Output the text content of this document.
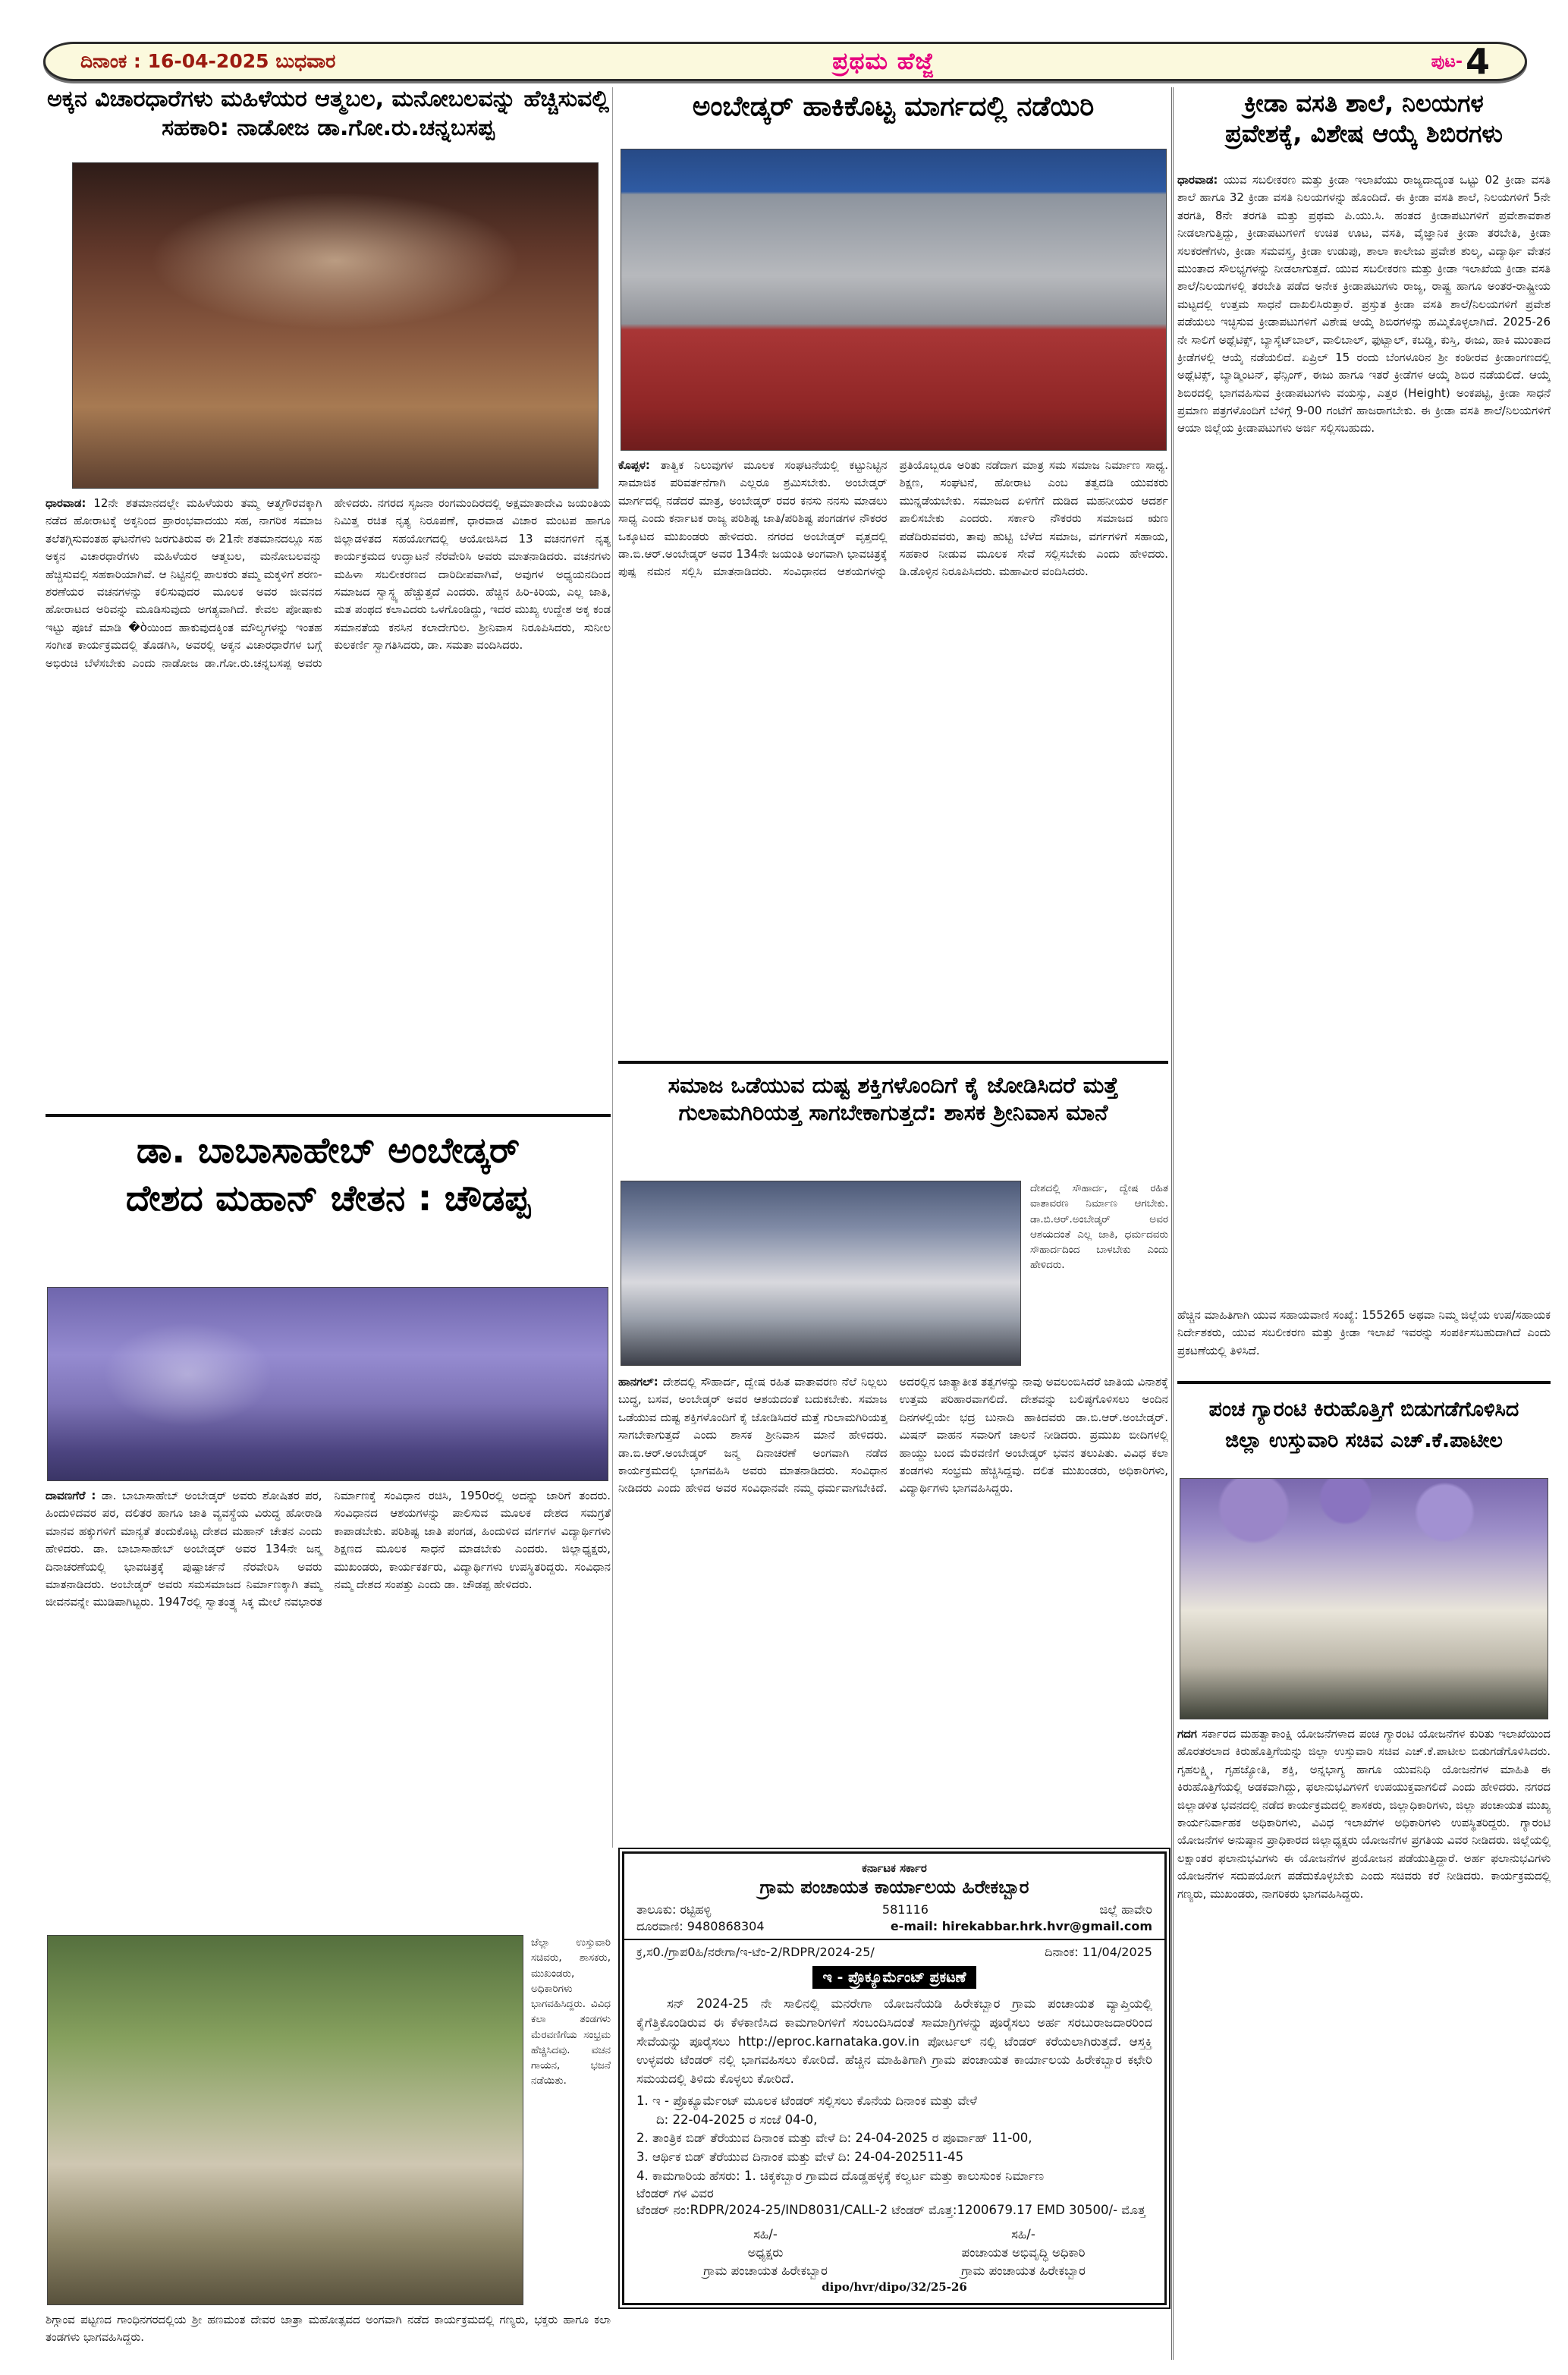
ದಿನಾಂಕ : 16-04-2025 ಬುಧವಾರ	ಪ್ರಥಮ ಹೆಜ್ಜೆ	ಪುಟ- 4
ಅಕ್ಕನ ವಿಚಾರಧಾರೆಗಳು ಮಹಿಳೆಯರ ಆತ್ಮಬಲ, ಮನೋಬಲವನ್ನು ಹೆಚ್ಚಿಸುವಲ್ಲಿ ಸಹಕಾರಿ: ನಾಡೋಜ ಡಾ.ಗೋ.ರು.ಚನ್ನಬಸಪ್ಪ
ಧಾರವಾಡ: 12ನೇ ಶತಮಾನದಲ್ಲೇ ಮಹಿಳೆಯರು ತಮ್ಮ ಆತ್ಮಗೌರವಕ್ಕಾಗಿ ನಡೆದ ಹೋರಾಟಕ್ಕೆ ಅಕ್ಕನಿಂದ ಪ್ರಾರಂಭವಾದಯು ಸಹ, ನಾಗರಿಕ ಸಮಾಜ ತಲೆತಗ್ಗಿಸುವಂತಹ ಘಟನೆಗಳು ಜರಗುತಿರುವ ಈ 21ನೇ ಶತಮಾನದಲ್ಲೂ ಸಹ ಅಕ್ಕನ ವಿಚಾರಧಾರೆಗಳು ಮಹಿಳೆಯರ ಆತ್ಮಬಲ, ಮನೋಬಲವನ್ನು ಹೆಚ್ಚಿಸುವಲ್ಲಿ ಸಹಕಾರಿಯಾಗಿವೆ. ಆ ನಿಟ್ಟಿನಲ್ಲಿ ಪಾಲಕರು ತಮ್ಮ ಮಕ್ಕಳಿಗೆ ಶರಣ-ಶರಣೆಯರ ವಚನಗಳನ್ನು ಕಲಿಸುವುದರ ಮೂಲಕ ಅವರ ಜೀವನದ ಹೋರಾಟದ ಅರಿವನ್ನು ಮೂಡಿಸುವುದು ಅಗತ್ಯವಾಗಿದೆ. ಕೇವಲ ಪೋಷಾಕು ಇಟ್ಟು ಪೂಜೆ ಮಾಡಿ �òಯಿಂದ ಹಾಕುವುದಕ್ಕಿಂತ ಮೌಲ್ಯಗಳನ್ನು ಇಂತಹ ಸಂಗೀತ ಕಾರ್ಯಕ್ರಮದಲ್ಲಿ ತೊಡಗಿಸಿ, ಅವರಲ್ಲಿ ಅಕ್ಕನ ವಿಚಾರಧಾರೆಗಳ ಬಗ್ಗೆ ಅಭಿರುಚಿ ಬೆಳೆಸಬೇಕು ಎಂದು ನಾಡೋಜ ಡಾ.ಗೋ.ರು.ಚನ್ನಬಸಪ್ಪ ಅವರು ಹೇಳಿದರು. ನಗರದ ಸೃಜನಾ ರಂಗಮಂದಿರದಲ್ಲಿ ಅಕ್ಷಮಾತಾದೇವಿ ಜಯಂತಿಯ ನಿಮಿತ್ತ ರಚಿತ ನೃತ್ಯ ನಿರೂಪಣೆ, ಧಾರವಾಡ ವಿಚಾರ ಮಂಟಪ ಹಾಗೂ ಜಿಲ್ಲಾಡಳಿತದ ಸಹಯೋಗದಲ್ಲಿ ಆಯೋಜಿಸಿದ 13 ವಚನಗಳಿಗೆ ನೃತ್ಯ ಕಾರ್ಯಕ್ರಮದ ಉದ್ಘಾಟನೆ ನೆರವೇರಿಸಿ ಅವರು ಮಾತನಾಡಿದರು. ವಚನಗಳು ಮಹಿಳಾ ಸಬಲೀಕರಣದ ದಾರಿದೀಪವಾಗಿವೆ, ಅವುಗಳ ಅಧ್ಯಯನದಿಂದ ಸಮಾಜದ ಸ್ವಾಸ್ಥ್ಯ ಹೆಚ್ಚುತ್ತದೆ ಎಂದರು. ಹೆಚ್ಚಿನ ಹಿರಿ-ಕಿರಿಯ, ಎಲ್ಲ ಜಾತಿ, ಮತ ಪಂಥದ ಕಲಾವಿದರು ಒಳಗೊಂಡಿದ್ದು, ಇದರ ಮುಖ್ಯ ಉದ್ದೇಶ ಅಕ್ಕ ಕಂಡ ಸಮಾನತೆಯ ಕನಸಿನ ಕಲಾದೇಗುಲ. ಶ್ರೀನಿವಾಸ ನಿರೂಪಿಸಿದರು, ಸುನೀಲ ಕುಲಕರ್ಣಿ ಸ್ವಾಗತಿಸಿದರು, ಡಾ. ಸಮತಾ ವಂದಿಸಿದರು.
ಡಾ. ಬಾಬಾಸಾಹೇಬ್ ಅಂಬೇಡ್ಕರ್
ದೇಶದ ಮಹಾನ್ ಚೇತನ : ಚೌಡಪ್ಪ
ದಾವಣಗೆರೆ : ಡಾ. ಬಾಬಾಸಾಹೇಬ್ ಅಂಬೇಡ್ಕರ್ ಅವರು ಶೋಷಿತರ ಪರ, ಹಿಂದುಳಿದವರ ಪರ, ದಲಿತರ ಹಾಗೂ ಜಾತಿ ವ್ಯವಸ್ಥೆಯ ವಿರುದ್ಧ ಹೋರಾಡಿ ಮಾನವ ಹಕ್ಕುಗಳಿಗೆ ಮಾನ್ಯತೆ ತಂದುಕೊಟ್ಟ ದೇಶದ ಮಹಾನ್ ಚೇತನ ಎಂದು ಹೇಳಿದರು. ಡಾ. ಬಾಬಾಸಾಹೇಬ್ ಅಂಬೇಡ್ಕರ್ ಅವರ 134ನೇ ಜನ್ಮ ದಿನಾಚರಣೆಯಲ್ಲಿ ಭಾವಚಿತ್ರಕ್ಕೆ ಪುಷ್ಪಾರ್ಚನೆ ನೆರವೇರಿಸಿ ಅವರು ಮಾತನಾಡಿದರು. ಅಂಬೇಡ್ಕರ್ ಅವರು ಸಮಸಮಾಜದ ನಿರ್ಮಾಣಕ್ಕಾಗಿ ತಮ್ಮ ಜೀವನವನ್ನೇ ಮುಡಿಪಾಗಿಟ್ಟರು. 1947ರಲ್ಲಿ ಸ್ವಾತಂತ್ರ್ಯ ಸಿಕ್ಕ ಮೇಲೆ ನವಭಾರತ ನಿರ್ಮಾಣಕ್ಕೆ ಸಂವಿಧಾನ ರಚಿಸಿ, 1950ರಲ್ಲಿ ಅದನ್ನು ಜಾರಿಗೆ ತಂದರು. ಸಂವಿಧಾನದ ಆಶಯಗಳನ್ನು ಪಾಲಿಸುವ ಮೂಲಕ ದೇಶದ ಸಮಗ್ರತೆ ಕಾಪಾಡಬೇಕು. ಪರಿಶಿಷ್ಟ ಜಾತಿ ಪಂಗಡ, ಹಿಂದುಳಿದ ವರ್ಗಗಳ ವಿದ್ಯಾರ್ಥಿಗಳು ಶಿಕ್ಷಣದ ಮೂಲಕ ಸಾಧನೆ ಮಾಡಬೇಕು ಎಂದರು. ಜಿಲ್ಲಾಧ್ಯಕ್ಷರು, ಮುಖಂಡರು, ಕಾರ್ಯಕರ್ತರು, ವಿದ್ಯಾರ್ಥಿಗಳು ಉಪಸ್ಥಿತರಿದ್ದರು. ಸಂವಿಧಾನ ನಮ್ಮ ದೇಶದ ಸಂಪತ್ತು ಎಂದು ಡಾ. ಚೌಡಪ್ಪ ಹೇಳಿದರು.
ಜೆಲ್ಲಾ ಉಸ್ತುವಾರಿ ಸಚಿವರು, ಶಾಸಕರು, ಮುಖಂಡರು, ಅಧಿಕಾರಿಗಳು ಭಾಗವಹಿಸಿದ್ದರು. ವಿವಿಧ ಕಲಾ ತಂಡಗಳು ಮೆರವಣಿಗೆಯ ಸಂಭ್ರಮ ಹೆಚ್ಚಿಸಿದವು. ವಚನ ಗಾಯನ, ಭಜನೆ ನಡೆಯಿತು.
ಶಿಗ್ಗಾಂವ ಪಟ್ಟಣದ ಗಾಂಧಿನಗರದಲ್ಲಿಯ ಶ್ರೀ ಹಣಮಂತ ದೇವರ ಜಾತ್ರಾ ಮಹೋತ್ಸವದ ಅಂಗವಾಗಿ ನಡೆದ ಕಾರ್ಯಕ್ರಮದಲ್ಲಿ ಗಣ್ಯರು, ಭಕ್ತರು ಹಾಗೂ ಕಲಾ ತಂಡಗಳು ಭಾಗವಹಿಸಿದ್ದರು.
ಅಂಬೇಡ್ಕರ್ ಹಾಕಿಕೊಟ್ಟ ಮಾರ್ಗದಲ್ಲಿ ನಡೆಯಿರಿ
ಕೊಪ್ಪಳ: ತಾತ್ವಿಕ ನಿಲುವುಗಳ ಮೂಲಕ ಸಂಘಟನೆಯಲ್ಲಿ ಕಟ್ಟುನಿಟ್ಟಿನ ಸಾಮಾಜಿಕ ಪರಿವರ್ತನೆಗಾಗಿ ಎಲ್ಲರೂ ಶ್ರಮಿಸಬೇಕು. ಅಂಬೇಡ್ಕರ್ ಮಾರ್ಗದಲ್ಲಿ ನಡೆದರೆ ಮಾತ್ರ, ಅಂಬೇಡ್ಕರ್ ರವರ ಕನಸು ನನಸು ಮಾಡಲು ಸಾಧ್ಯ ಎಂದು ಕರ್ನಾಟಕ ರಾಜ್ಯ ಪರಿಶಿಷ್ಟ ಜಾತಿ/ಪರಿಶಿಷ್ಟ ಪಂಗಡಗಳ ನೌಕರರ ಒಕ್ಕೂಟದ ಮುಖಂಡರು ಹೇಳಿದರು. ನಗರದ ಅಂಬೇಡ್ಕರ್ ವೃತ್ತದಲ್ಲಿ ಡಾ.ಬಿ.ಆರ್.ಅಂಬೇಡ್ಕರ್ ಅವರ 134ನೇ ಜಯಂತಿ ಅಂಗವಾಗಿ ಭಾವಚಿತ್ರಕ್ಕೆ ಪುಷ್ಪ ನಮನ ಸಲ್ಲಿಸಿ ಮಾತನಾಡಿದರು. ಸಂವಿಧಾನದ ಆಶಯಗಳನ್ನು ಪ್ರತಿಯೊಬ್ಬರೂ ಅರಿತು ನಡೆದಾಗ ಮಾತ್ರ ಸಮ ಸಮಾಜ ನಿರ್ಮಾಣ ಸಾಧ್ಯ. ಶಿಕ್ಷಣ, ಸಂಘಟನೆ, ಹೋರಾಟ ಎಂಬ ತತ್ವದಡಿ ಯುವಕರು ಮುನ್ನಡೆಯಬೇಕು. ಸಮಾಜದ ಏಳಿಗೆಗೆ ದುಡಿದ ಮಹನೀಯರ ಆದರ್ಶ ಪಾಲಿಸಬೇಕು ಎಂದರು. ಸರ್ಕಾರಿ ನೌಕರರು ಸಮಾಜದ ಋಣ ಪಡೆದಿರುವವರು, ತಾವು ಹುಟ್ಟಿ ಬೆಳೆದ ಸಮಾಜ, ವರ್ಗಗಳಿಗೆ ಸಹಾಯ, ಸಹಕಾರ ನೀಡುವ ಮೂಲಕ ಸೇವೆ ಸಲ್ಲಿಸಬೇಕು ಎಂದು ಹೇಳಿದರು. ಡಿ.ಡೊಳ್ಳಿನ ನಿರೂಪಿಸಿದರು. ಮಹಾವೀರ ವಂದಿಸಿದರು.
ಸಮಾಜ ಒಡೆಯುವ ದುಷ್ಟ ಶಕ್ತಿಗಳೊಂದಿಗೆ ಕೈ ಜೋಡಿಸಿದರೆ ಮತ್ತೆ
ಗುಲಾಮಗಿರಿಯತ್ತ ಸಾಗಬೇಕಾಗುತ್ತದೆ: ಶಾಸಕ ಶ್ರೀನಿವಾಸ ಮಾನೆ
ದೇಶದಲ್ಲಿ ಸೌಹಾರ್ದ, ದ್ವೇಷ ರಹಿತ ವಾತಾವರಣ ನಿರ್ಮಾಣ ಆಗಬೇಕು. ಡಾ.ಬಿ.ಆರ್.ಅಂಬೇಡ್ಕರ್ ಅವರ ಆಶಯದಂತೆ ಎಲ್ಲ ಜಾತಿ, ಧರ್ಮದವರು ಸೌಹಾರ್ದದಿಂದ ಬಾಳಬೇಕು ಎಂದು ಹೇಳಿದರು.
ಹಾನಗಲ್: ದೇಶದಲ್ಲಿ ಸೌಹಾರ್ದ, ದ್ವೇಷ ರಹಿತ ವಾತಾವರಣ ನೆಲೆ ನಿಲ್ಲಲು ಬುದ್ಧ, ಬಸವ, ಅಂಬೇಡ್ಕರ್ ಅವರ ಆಶಯದಂತೆ ಬದುಕಬೇಕು. ಸಮಾಜ ಒಡೆಯುವ ದುಷ್ಟ ಶಕ್ತಿಗಳೊಂದಿಗೆ ಕೈ ಜೋಡಿಸಿದರೆ ಮತ್ತೆ ಗುಲಾಮಗಿರಿಯತ್ತ ಸಾಗಬೇಕಾಗುತ್ತದೆ ಎಂದು ಶಾಸಕ ಶ್ರೀನಿವಾಸ ಮಾನೆ ಹೇಳಿದರು. ಡಾ.ಬಿ.ಆರ್.ಅಂಬೇಡ್ಕರ್ ಜನ್ಮ ದಿನಾಚರಣೆ ಅಂಗವಾಗಿ ನಡೆದ ಕಾರ್ಯಕ್ರಮದಲ್ಲಿ ಭಾಗವಹಿಸಿ ಅವರು ಮಾತನಾಡಿದರು. ಸಂವಿಧಾನ ನೀಡಿದರು ಎಂದು ಹೇಳಿದ ಅವರ ಸಂವಿಧಾನವೇ ನಮ್ಮ ಧರ್ಮವಾಗಬೇಕಿದೆ. ಅದರಲ್ಲಿನ ಜಾತ್ಯಾತೀತ ತತ್ವಗಳನ್ನು ನಾವು ಅವಲಂಬಿಸಿದರೆ ಜಾತಿಯ ವಿನಾಶಕ್ಕೆ ಉತ್ತಮ ಪರಿಹಾರವಾಗಲಿದೆ. ದೇಶವನ್ನು ಬಲಿಷ್ಠಗೊಳಿಸಲು ಅಂದಿನ ದಿನಗಳಲ್ಲಿಯೇ ಭದ್ರ ಬುನಾದಿ ಹಾಕಿದವರು ಡಾ.ಬಿ.ಆರ್.ಅಂಬೇಡ್ಕರ್. ಮಿಷನ್ ವಾಹನ ಸವಾರಿಗೆ ಚಾಲನೆ ನೀಡಿದರು. ಪ್ರಮುಖ ಬೀದಿಗಳಲ್ಲಿ ಹಾಯ್ದು ಬಂದ ಮೆರವಣಿಗೆ ಅಂಬೇಡ್ಕರ್ ಭವನ ತಲುಪಿತು. ವಿವಿಧ ಕಲಾ ತಂಡಗಳು ಸಂಭ್ರಮ ಹೆಚ್ಚಿಸಿದ್ದವು. ದಲಿತ ಮುಖಂಡರು, ಅಧಿಕಾರಿಗಳು, ವಿದ್ಯಾರ್ಥಿಗಳು ಭಾಗವಹಿಸಿದ್ದರು.
ಕರ್ನಾಟಕ ಸರ್ಕಾರ
ಗ್ರಾಮ ಪಂಚಾಯತ ಕಾರ್ಯಾಲಯ ಹಿರೇಕಬ್ಬಾರ
ತಾಲೂಕು: ರಟ್ಟಿಹಳ್ಳಿ	581116	ಜಿಲ್ಲೆ ಹಾವೇರಿ
ದೂರವಾಣಿ: 9480868304	e-mail: hirekabbar.hrk.hvr@gmail.com
ಕ್ರ,ಸ0./ಗ್ರಾಪ0ಹಿ/ನರೇಗಾ/ಇ-ಟೆಂ-2/RDPR/2024-25/	ದಿನಾಂಕ: 11/04/2025
ಇ - ಪ್ರೊಕ್ಯೂರ್ಮೆಂಟ್ ಪ್ರಕಟಣೆ

ಸನ್ 2024-25 ನೇ ಸಾಲಿನಲ್ಲಿ ಮನರೇಗಾ ಯೋಜನೆಯಡಿ ಹಿರೇಕಬ್ಬಾರ ಗ್ರಾಮ ಪಂಚಾಯತ ವ್ಯಾಪ್ತಿಯಲ್ಲಿ ಕೈಗೆತ್ತಿಕೊಂಡಿರುವ ಈ ಕೆಳಕಾಣಿಸಿದ ಕಾಮಗಾರಿಗಳಿಗೆ ಸಂಬಂದಿಸಿದಂತೆ ಸಾಮಾಗ್ರಿಗಳನ್ನು ಪೂರೈಸಲು ಅರ್ಹ ಸರಬುರಾಜದಾರರಿಂದ ಸೇವೆಯನ್ನು ಪೂರೈಸಲು http://eproc.karnataka.gov.in ಪೋರ್ಟಲ್ ನಲ್ಲಿ ಟೆಂಡರ್ ಕರೆಯಲಾಗಿರುತ್ತದೆ. ಆಸ್ತಕ್ತಿ ಉಳ್ಳವರು ಟೆಂಡರ್ ನಲ್ಲಿ ಭಾಗವಹಿಸಲು ಕೋರಿದೆ. ಹೆಚ್ಚಿನ ಮಾಹಿತಿಗಾಗಿ ಗ್ರಾಮ ಪಂಚಾಯತ ಕಾರ್ಯಾಲಯ ಹಿರೇಕಬ್ಬಾರ ಕಛೇರಿ ಸಮಯದಲ್ಲಿ ತಿಳಿದು ಕೊಳ್ಳಲು ಕೋರಿದೆ.

1. ಇ - ಪ್ರೊಕ್ಯೂರ್ಮೆಂಟ್ ಮೂಲಕ ಟೆಂಡರ್ ಸಲ್ಲಿಸಲು ಕೊನೆಯ ದಿನಾಂಕ ಮತ್ತು ವೇಳೆ
ದಿ: 22-04-2025 ರ ಸಂಜೆ 04-0,
2. ತಾಂತ್ರಿಕ ಬಿಡ್ ತೆರೆಯುವ ದಿನಾಂಕ ಮತ್ತು ವೇಳೆ ದಿ: 24-04-2025 ರ ಪೂರ್ವಾಹ್ 11-00,
3. ಆರ್ಥಿಕ ಬಿಡ್ ತೆರೆಯುವ ದಿನಾಂಕ ಮತ್ತು ವೇಳೆ ದಿ: 24-04-202511-45
4. ಕಾಮಗಾರಿಯ ಹೆಸರು: 1. ಚಿಕ್ಕಕಬ್ಬಾರ ಗ್ರಾಮದ ದೊಡ್ಡಹಳ್ಳಕ್ಕೆ ಕಲ್ವರ್ಟ ಮತ್ತು ಕಾಲುಸುಂಕ ನಿರ್ಮಾಣ
ಟೆಂಡರ್ ಗಳ ವಿವರ
ಟೆಂಡರ್ ನಂ:RDPR/2024-25/IND8031/CALL-2 ಟೆಂಡರ್ ಮೊತ್ತ:1200679.17 EMD 30500/- ಮೊತ್ತ
ಸಹಿ/-
ಅಧ್ಯಕ್ಷರು
ಗ್ರಾಮ ಪಂಚಾಯತ ಹಿರೇಕಬ್ಬಾರ
ಸಹಿ/-
ಪಂಚಾಯತ ಅಭಿವೃದ್ಧಿ ಅಧಿಕಾರಿ
ಗ್ರಾಮ ಪಂಚಾಯತ ಹಿರೇಕಬ್ಬಾರ
dipo/hvr/dipo/32/25-26
ಕ್ರೀಡಾ ವಸತಿ ಶಾಲೆ, ನಿಲಯಗಳ
ಪ್ರವೇಶಕ್ಕೆ, ವಿಶೇಷ ಆಯ್ಕೆ ಶಿಬಿರಗಳು
ಧಾರವಾಡ: ಯುವ ಸಬಲೀಕರಣ ಮತ್ತು ಕ್ರೀಡಾ ಇಲಾಖೆಯು ರಾಜ್ಯದಾದ್ಯಂತ ಒಟ್ಟು 02 ಕ್ರೀಡಾ ವಸತಿ ಶಾಲೆ ಹಾಗೂ 32 ಕ್ರೀಡಾ ವಸತಿ ನಿಲಯಗಳನ್ನು ಹೊಂದಿದೆ. ಈ ಕ್ರೀಡಾ ವಸತಿ ಶಾಲೆ, ನಿಲಯಗಳಿಗೆ 5ನೇ ತರಗತಿ, 8ನೇ ತರಗತಿ ಮತ್ತು ಪ್ರಥಮ ಪಿ.ಯು.ಸಿ. ಹಂತದ ಕ್ರೀಡಾಪಟುಗಳಿಗೆ ಪ್ರವೇಶಾವಕಾಶ ನೀಡಲಾಗುತ್ತಿದ್ದು, ಕ್ರೀಡಾಪಟುಗಳಿಗೆ ಉಚಿತ ಊಟ, ವಸತಿ, ವೈಜ್ಞಾನಿಕ ಕ್ರೀಡಾ ತರಬೇತಿ, ಕ್ರೀಡಾ ಸಲಕರಣೆಗಳು, ಕ್ರೀಡಾ ಸಮವಸ್ತ್ರ, ಕ್ರೀಡಾ ಉಡುಪು, ಶಾಲಾ ಕಾಲೇಜು ಪ್ರವೇಶ ಶುಲ್ಕ, ವಿದ್ಯಾರ್ಥಿ ವೇತನ ಮುಂತಾದ ಸೌಲಭ್ಯಗಳನ್ನು ನೀಡಲಾಗುತ್ತದೆ. ಯುವ ಸಬಲೀಕರಣ ಮತ್ತು ಕ್ರೀಡಾ ಇಲಾಖೆಯ ಕ್ರೀಡಾ ವಸತಿ ಶಾಲೆ/ನಿಲಯಗಳಲ್ಲಿ ತರಬೇತಿ ಪಡೆದ ಅನೇಕ ಕ್ರೀಡಾಪಟುಗಳು ರಾಜ್ಯ, ರಾಷ್ಟ್ರ ಹಾಗೂ ಅಂತರ-ರಾಷ್ಟ್ರೀಯ ಮಟ್ಟದಲ್ಲಿ ಉತ್ತಮ ಸಾಧನೆ ದಾಖಲಿಸಿರುತ್ತಾರೆ. ಪ್ರಸ್ತುತ ಕ್ರೀಡಾ ವಸತಿ ಶಾಲೆ/ನಿಲಯಗಳಿಗೆ ಪ್ರವೇಶ ಪಡೆಯಲು ಇಚ್ಛಿಸುವ ಕ್ರೀಡಾಪಟುಗಳಿಗೆ ವಿಶೇಷ ಆಯ್ಕೆ ಶಿಬಿರಗಳನ್ನು ಹಮ್ಮಿಕೊಳ್ಳಲಾಗಿದೆ. 2025-26 ನೇ ಸಾಲಿಗೆ ಅಥ್ಲೆಟಿಕ್ಸ್, ಬ್ಯಾಸ್ಕೆಟ್‌ಬಾಲ್, ವಾಲಿಬಾಲ್, ಫುಟ್ಬಾಲ್, ಕಬಡ್ಡಿ, ಕುಸ್ತಿ, ಈಜು, ಹಾಕಿ ಮುಂತಾದ ಕ್ರೀಡೆಗಳಲ್ಲಿ ಆಯ್ಕೆ ನಡೆಯಲಿದೆ. ಏಪ್ರಿಲ್ 15 ರಂದು ಬೆಂಗಳೂರಿನ ಶ್ರೀ ಕಂಠೀರವ ಕ್ರೀಡಾಂಗಣದಲ್ಲಿ ಅಥ್ಲೆಟಿಕ್ಸ್, ಬ್ಯಾಡ್ಮಿಂಟನ್, ಫೆನ್ಸಿಂಗ್, ಈಜು ಹಾಗೂ ಇತರೆ ಕ್ರೀಡೆಗಳ ಆಯ್ಕೆ ಶಿಬಿರ ನಡೆಯಲಿದೆ. ಆಯ್ಕೆ ಶಿಬಿರದಲ್ಲಿ ಭಾಗವಹಿಸುವ ಕ್ರೀಡಾಪಟುಗಳು ವಯಸ್ಸು, ಎತ್ತರ (Height) ಅಂಕಪಟ್ಟಿ, ಕ್ರೀಡಾ ಸಾಧನೆ ಪ್ರಮಾಣ ಪತ್ರಗಳೊಂದಿಗೆ ಬೆಳಿಗ್ಗೆ 9-00 ಗಂಟೆಗೆ ಹಾಜರಾಗಬೇಕು. ಈ ಕ್ರೀಡಾ ವಸತಿ ಶಾಲೆ/ನಿಲಯಗಳಿಗೆ ಆಯಾ ಜಿಲ್ಲೆಯ ಕ್ರೀಡಾಪಟುಗಳು ಅರ್ಜಿ ಸಲ್ಲಿಸಬಹುದು.
ಹೆಚ್ಚಿನ ಮಾಹಿತಿಗಾಗಿ ಯುವ ಸಹಾಯವಾಣಿ ಸಂಖ್ಯೆ: 155265 ಅಥವಾ ನಿಮ್ಮ ಜಿಲ್ಲೆಯ ಉಪ/ಸಹಾಯಕ ನಿರ್ದೇಶಕರು, ಯುವ ಸಬಲೀಕರಣ ಮತ್ತು ಕ್ರೀಡಾ ಇಲಾಖೆ ಇವರನ್ನು ಸಂಪರ್ಕಿಸಬಹುದಾಗಿದೆ ಎಂದು ಪ್ರಕಟಣೆಯಲ್ಲಿ ತಿಳಿಸಿದೆ.
ಪಂಚ ಗ್ಯಾರಂಟಿ ಕಿರುಹೊತ್ತಿಗೆ ಬಿಡುಗಡೆಗೊಳಿಸಿದ
ಜಿಲ್ಲಾ ಉಸ್ತುವಾರಿ ಸಚಿವ ಎಚ್.ಕೆ.ಪಾಟೀಲ
ಗದಗ ಸರ್ಕಾರದ ಮಹತ್ವಾಕಾಂಕ್ಷಿ ಯೋಜನೆಗಳಾದ ಪಂಚ ಗ್ಯಾರಂಟಿ ಯೋಜನೆಗಳ ಕುರಿತು ಇಲಾಖೆಯಿಂದ ಹೊರತರಲಾದ ಕಿರುಹೊತ್ತಿಗೆಯನ್ನು ಜಿಲ್ಲಾ ಉಸ್ತುವಾರಿ ಸಚಿವ ಎಚ್.ಕೆ.ಪಾಟೀಲ ಬಿಡುಗಡೆಗೊಳಿಸಿದರು. ಗೃಹಲಕ್ಷ್ಮಿ, ಗೃಹಜ್ಯೋತಿ, ಶಕ್ತಿ, ಅನ್ನಭಾಗ್ಯ ಹಾಗೂ ಯುವನಿಧಿ ಯೋಜನೆಗಳ ಮಾಹಿತಿ ಈ ಕಿರುಹೊತ್ತಿಗೆಯಲ್ಲಿ ಅಡಕವಾಗಿದ್ದು, ಫಲಾನುಭವಿಗಳಿಗೆ ಉಪಯುಕ್ತವಾಗಲಿದೆ ಎಂದು ಹೇಳಿದರು. ನಗರದ ಜಿಲ್ಲಾಡಳಿತ ಭವನದಲ್ಲಿ ನಡೆದ ಕಾರ್ಯಕ್ರಮದಲ್ಲಿ ಶಾಸಕರು, ಜಿಲ್ಲಾಧಿಕಾರಿಗಳು, ಜಿಲ್ಲಾ ಪಂಚಾಯತ ಮುಖ್ಯ ಕಾರ್ಯನಿರ್ವಾಹಕ ಅಧಿಕಾರಿಗಳು, ವಿವಿಧ ಇಲಾಖೆಗಳ ಅಧಿಕಾರಿಗಳು ಉಪಸ್ಥಿತರಿದ್ದರು. ಗ್ಯಾರಂಟಿ ಯೋಜನೆಗಳ ಅನುಷ್ಠಾನ ಪ್ರಾಧಿಕಾರದ ಜಿಲ್ಲಾಧ್ಯಕ್ಷರು ಯೋಜನೆಗಳ ಪ್ರಗತಿಯ ವಿವರ ನೀಡಿದರು. ಜಿಲ್ಲೆಯಲ್ಲಿ ಲಕ್ಷಾಂತರ ಫಲಾನುಭವಿಗಳು ಈ ಯೋಜನೆಗಳ ಪ್ರಯೋಜನ ಪಡೆಯುತ್ತಿದ್ದಾರೆ. ಅರ್ಹ ಫಲಾನುಭವಿಗಳು ಯೋಜನೆಗಳ ಸದುಪಯೋಗ ಪಡೆದುಕೊಳ್ಳಬೇಕು ಎಂದು ಸಚಿವರು ಕರೆ ನೀಡಿದರು. ಕಾರ್ಯಕ್ರಮದಲ್ಲಿ ಗಣ್ಯರು, ಮುಖಂಡರು, ನಾಗರಿಕರು ಭಾಗವಹಿಸಿದ್ದರು.
